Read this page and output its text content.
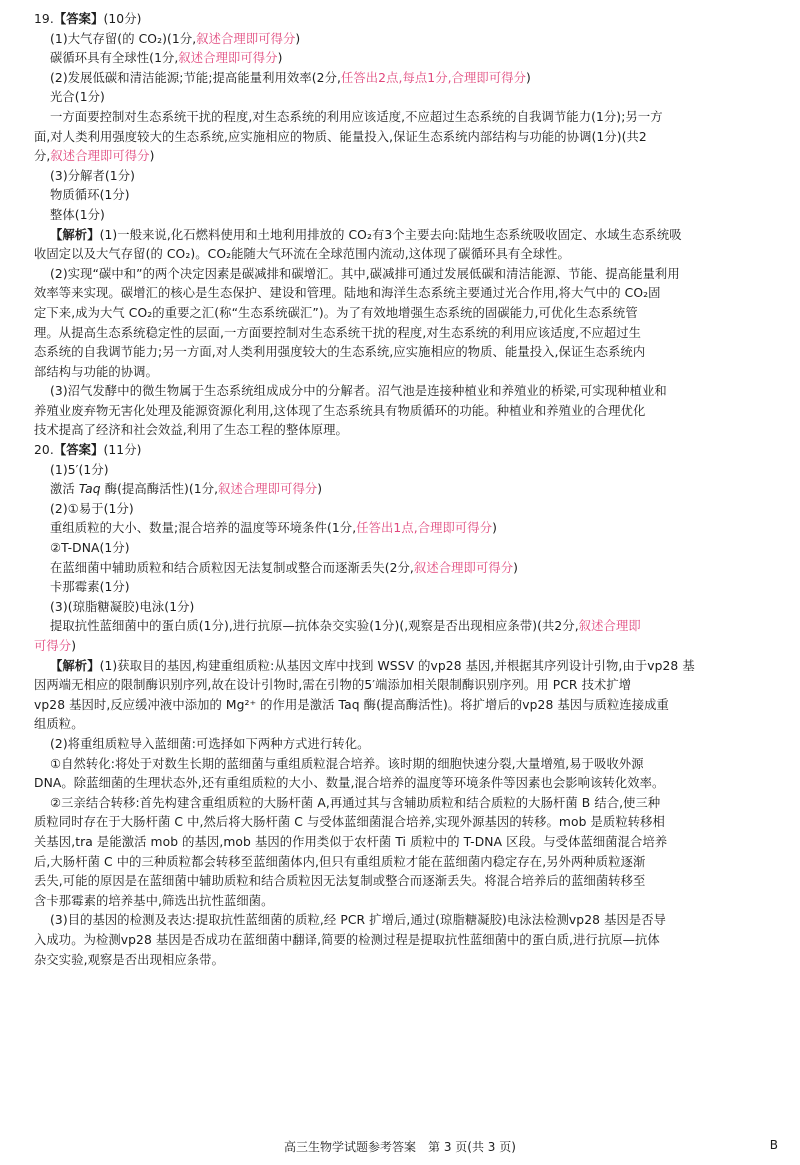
19.【答案】(10分)
(1)大气存留(的 CO₂)(1分,叙述合理即可得分)
碳循环具有全球性(1分,叙述合理即可得分)
(2)发展低碳和清洁能源;节能;提高能量利用效率(2分,任答出2点,每点1分,合理即可得分)
光合(1分)
一方面要控制对生态系统干扰的程度,对生态系统的利用应该适度,不应超过生态系统的自我调节能力(1分);另一方
面,对人类利用强度较大的生态系统,应实施相应的物质、能量投入,保证生态系统内部结构与功能的协调(1分)(共2
分,叙述合理即可得分)
(3)分解者(1分)
物质循环(1分)
整体(1分)
【解析】(1)一般来说,化石燃料使用和土地利用排放的 CO₂有3个主要去向:陆地生态系统吸收固定、水域生态系统吸
收固定以及大气存留(的 CO₂)。CO₂能随大气环流在全球范围内流动,这体现了碳循环具有全球性。
(2)实现“碳中和”的两个决定因素是碳减排和碳增汇。其中,碳减排可通过发展低碳和清洁能源、节能、提高能量利用
效率等来实现。碳增汇的核心是生态保护、建设和管理。陆地和海洋生态系统主要通过光合作用,将大气中的 CO₂固
定下来,成为大气 CO₂的重要之汇(称“生态系统碳汇”)。为了有效地增强生态系统的固碳能力,可优化生态系统管
理。从提高生态系统稳定性的层面,一方面要控制对生态系统干扰的程度,对生态系统的利用应该适度,不应超过生
态系统的自我调节能力;另一方面,对人类利用强度较大的生态系统,应实施相应的物质、能量投入,保证生态系统内
部结构与功能的协调。
(3)沼气发酵中的微生物属于生态系统组成成分中的分解者。沼气池是连接种植业和养殖业的桥梁,可实现种植业和
养殖业废弃物无害化处理及能源资源化利用,这体现了生态系统具有物质循环的功能。种植业和养殖业的合理优化
技术提高了经济和社会效益,利用了生态工程的整体原理。
20.【答案】(11分)
(1)5′(1分)
激活 Taq 酶(提高酶活性)(1分,叙述合理即可得分)
(2)①易于(1分)
重组质粒的大小、数量;混合培养的温度等环境条件(1分,任答出1点,合理即可得分)
②T-DNA(1分)
在蓝细菌中辅助质粒和结合质粒因无法复制或整合而逐渐丢失(2分,叙述合理即可得分)
卡那霉素(1分)
(3)(琼脂糖凝胶)电泳(1分)
提取抗性蓝细菌中的蛋白质(1分),进行抗原—抗体杂交实验(1分)(,观察是否出现相应条带)(共2分,叙述合理即
可得分)
【解析】(1)获取目的基因,构建重组质粒:从基因文库中找到 WSSV 的vp28 基因,并根据其序列设计引物,由于vp28 基
因两端无相应的限制酶识别序列,故在设计引物时,需在引物的5′端添加相关限制酶识别序列。用 PCR 技术扩增
vp28 基因时,反应缓冲液中添加的 Mg²⁺ 的作用是激活 Taq 酶(提高酶活性)。将扩增后的vp28 基因与质粒连接成重
组质粒。
(2)将重组质粒导入蓝细菌:可选择如下两种方式进行转化。
①自然转化:将处于对数生长期的蓝细菌与重组质粒混合培养。该时期的细胞快速分裂,大量增殖,易于吸收外源
DNA。除蓝细菌的生理状态外,还有重组质粒的大小、数量,混合培养的温度等环境条件等因素也会影响该转化效率。
②三亲结合转移:首先构建含重组质粒的大肠杆菌 A,再通过其与含辅助质粒和结合质粒的大肠杆菌 B 结合,使三种
质粒同时存在于大肠杆菌 C 中,然后将大肠杆菌 C 与受体蓝细菌混合培养,实现外源基因的转移。mob 是质粒转移相
关基因,tra 是能激活 mob 的基因,mob 基因的作用类似于农杆菌 Ti 质粒中的 T-DNA 区段。与受体蓝细菌混合培养
后,大肠杆菌 C 中的三种质粒都会转移至蓝细菌体内,但只有重组质粒才能在蓝细菌内稳定存在,另外两种质粒逐渐
丢失,可能的原因是在蓝细菌中辅助质粒和结合质粒因无法复制或整合而逐渐丢失。将混合培养后的蓝细菌转移至
含卡那霉素的培养基中,筛选出抗性蓝细菌。
(3)目的基因的检测及表达:提取抗性蓝细菌的质粒,经 PCR 扩增后,通过(琼脂糖凝胶)电泳法检测vp28 基因是否导
入成功。为检测vp28 基因是否成功在蓝细菌中翻译,简要的检测过程是提取抗性蓝细菌中的蛋白质,进行抗原—抗体
杂交实验,观察是否出现相应条带。
高三生物学试题参考答案　第 3 页(共 3 页)	B
